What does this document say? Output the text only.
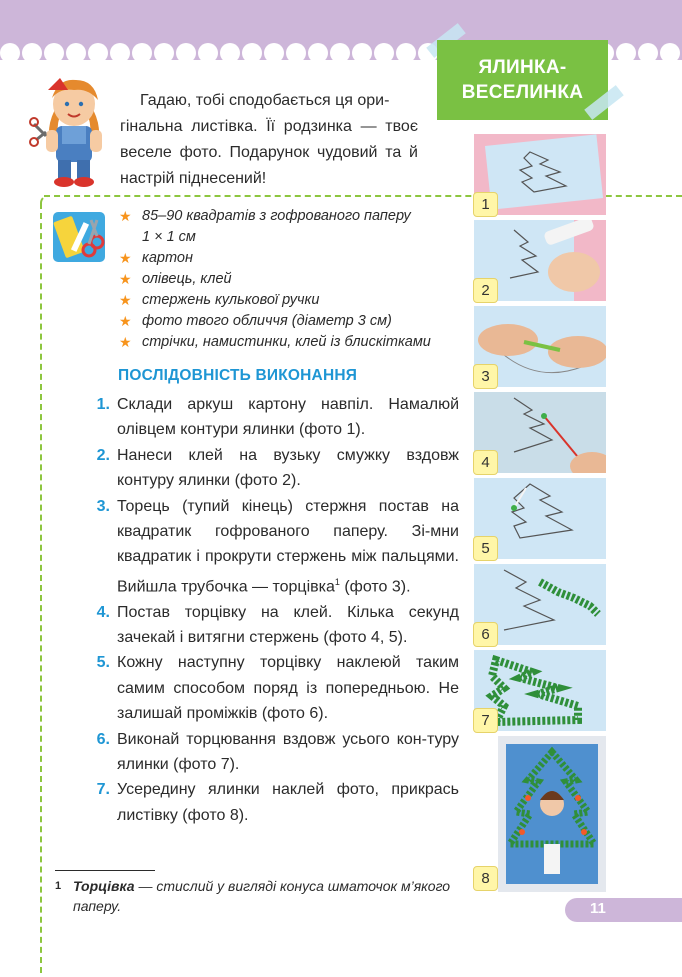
ЯЛИНКА-
ВЕСЕЛИНКА
Гадаю, тобі сподобається ця ори-
гінальна листівка. Її родзинка — твоє веселе фото. Подарунок чудовий та й настрій піднесений!
★ 85–90 квадратів з гофрованого паперу
1 × 1 см
★ картон
★ олівець, клей
★ стержень кулькової ручки
★ фото твого обличчя (діаметр 3 см)
★ стрічки, намистинки, клей із блискітками
ПОСЛІДОВНІСТЬ ВИКОНАННЯ
1. Склади аркуш картону навпіл. Намалюй олівцем контури ялинки (фото 1).
2. Нанеси клей на вузьку смужку вздовж контуру ялинки (фото 2).
3. Торець (тупий кінець) стержня постав на квадратик гофрованого паперу. Зі-мни квадратик і прокрути стержень між пальцями. Вийшла трубочка — торцівка$^1$ (фото 3).
4. Постав торцівку на клей. Кілька секунд зачекай і витягни стержень (фото 4, 5).
5. Кожну наступну торцівку наклеюй таким самим способом поряд із попередньою. Не залишай проміжків (фото 6).
6. Виконай торцювання вздовж усього кон-туру ялинки (фото 7).
7. Усередину ялинки наклей фото, прикрась листівку (фото 8).
1 Торцівка — стислий у вигляді конуса шматочок м’якого паперу.
1
2
3
4
5
6
7
8
11
